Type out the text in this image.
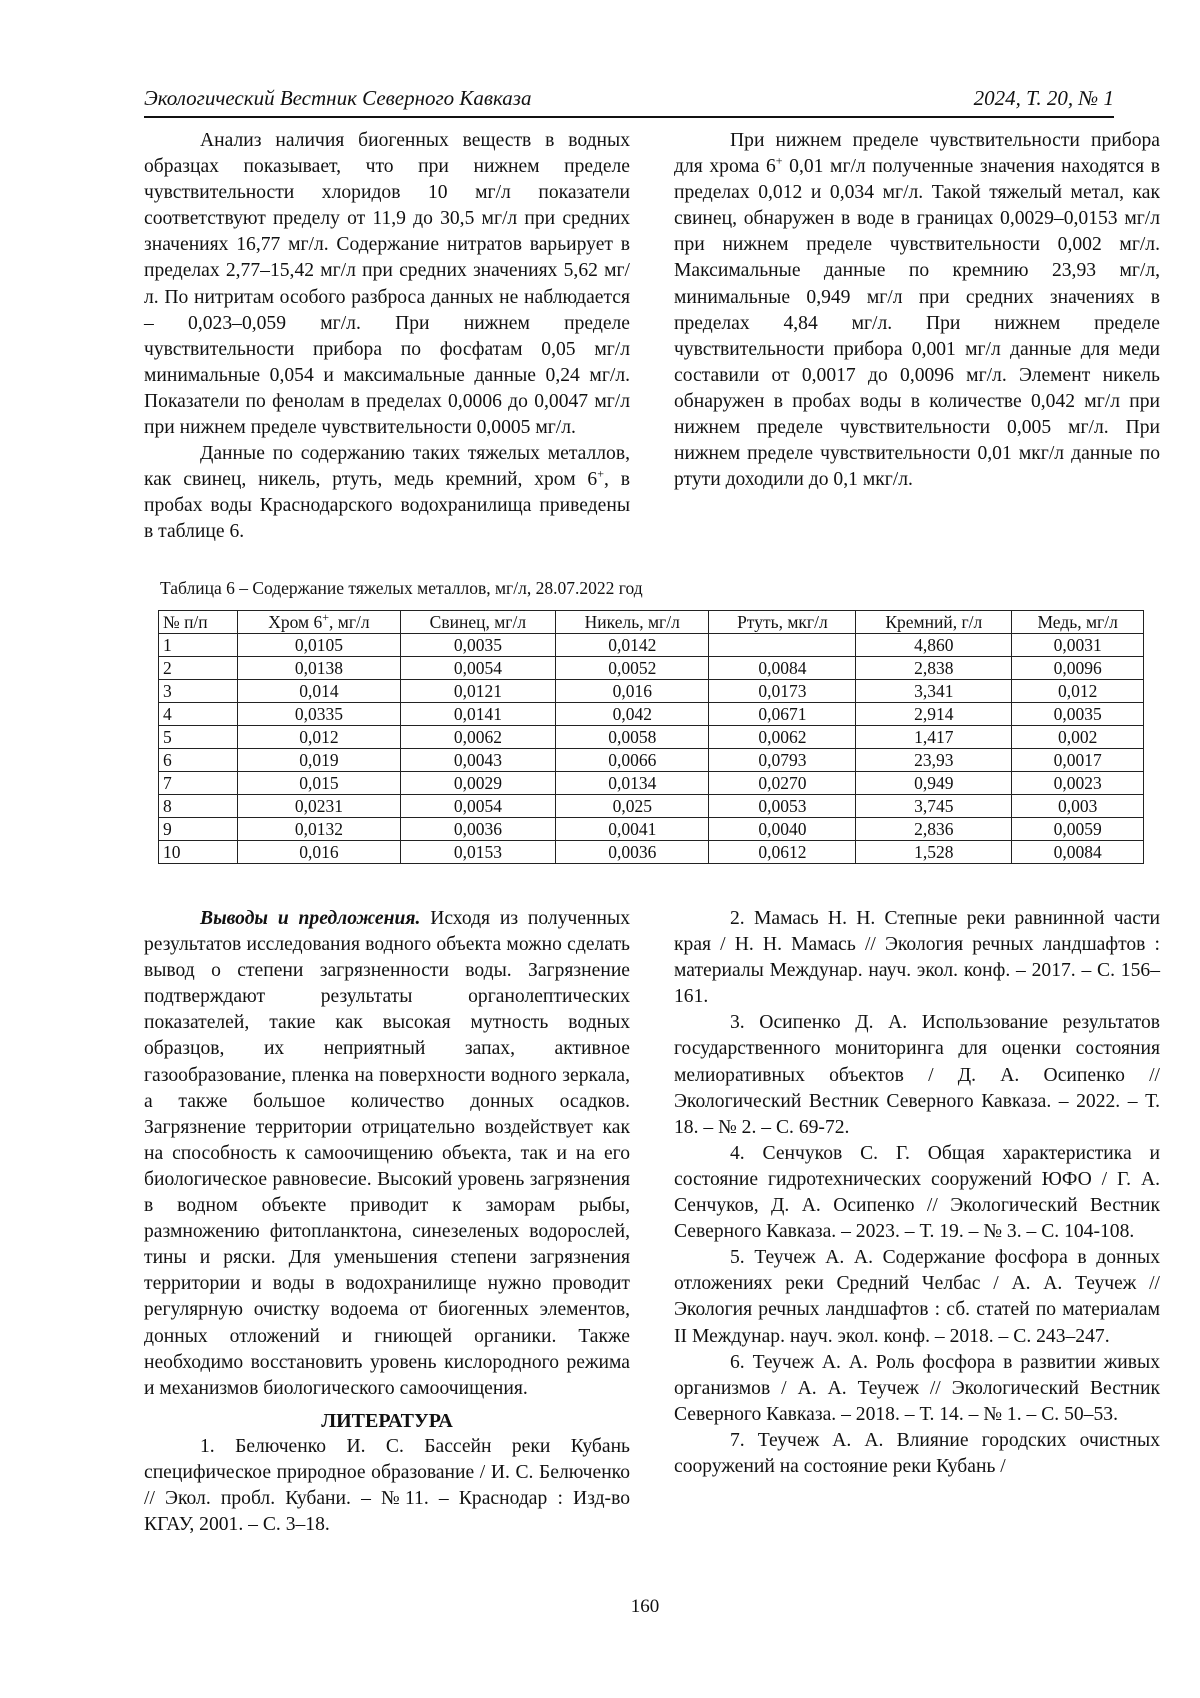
Экологический Вестник Северного Кавказа	2024, Т. 20, № 1

Анализ наличия биогенных веществ в водных образцах показывает, что при нижнем пределе чувствительности хлоридов 10 мг/л показатели соответствуют пределу от 11,9 до 30,5 мг/л при средних значениях 16,77 мг/л. Содержание нитратов варьирует в пределах 2,77–15,42 мг/л при средних значениях 5,62 мг/л. По нитритам особого разброса данных не наблюдается – 0,023–0,059 мг/л. При нижнем пределе чувствительности прибора по фосфатам 0,05 мг/л минимальные 0,054 и максимальные данные 0,24 мг/л. Показатели по фенолам в пределах 0,0006 до 0,0047 мг/л при нижнем пределе чувствительности 0,0005 мг/л.

Данные по содержанию таких тяжелых металлов, как свинец, никель, ртуть, медь кремний, хром 6+, в пробах воды Краснодарского водохранилища приведены в таблице 6.

При нижнем пределе чувствительности прибора для хрома 6+ 0,01 мг/л полученные значения находятся в пределах 0,012 и 0,034 мг/л. Такой тяжелый метал, как свинец, обнаружен в воде в границах 0,0029–0,0153 мг/л при нижнем пределе чувствительности 0,002 мг/л. Максимальные данные по кремнию 23,93 мг/л, минимальные 0,949 мг/л при средних значениях в пределах 4,84 мг/л. При нижнем пределе чувствительности прибора 0,001 мг/л данные для меди составили от 0,0017 до 0,0096 мг/л. Элемент никель обнаружен в пробах воды в количестве 0,042 мг/л при нижнем пределе чувствительности 0,005 мг/л. При нижнем пределе чувствительности 0,01 мкг/л данные по ртути доходили до 0,1 мкг/л.

Таблица 6 – Содержание тяжелых металлов, мг/л, 28.07.2022 год
№ п/п	Хром 6+, мг/л	Свинец, мг/л	Никель, мг/л	Ртуть, мкг/л	Кремний, г/л	Медь, мг/л
1	0,0105	0,0035	0,0142		4,860	0,0031
2	0,0138	0,0054	0,0052	0,0084	2,838	0,0096
3	0,014	0,0121	0,016	0,0173	3,341	0,012
4	0,0335	0,0141	0,042	0,0671	2,914	0,0035
5	0,012	0,0062	0,0058	0,0062	1,417	0,002
6	0,019	0,0043	0,0066	0,0793	23,93	0,0017
7	0,015	0,0029	0,0134	0,0270	0,949	0,0023
8	0,0231	0,0054	0,025	0,0053	3,745	0,003
9	0,0132	0,0036	0,0041	0,0040	2,836	0,0059
10	0,016	0,0153	0,0036	0,0612	1,528	0,0084

Выводы и предложения. Исходя из полученных результатов исследования водного объекта можно сделать вывод о степени загрязненности воды. Загрязнение подтверждают результаты органолептических показателей, такие как высокая мутность водных образцов, их неприятный запах, активное газообразование, пленка на поверхности водного зеркала, а также большое количество донных осадков. Загрязнение территории отрицательно воздействует как на способность к самоочищению объекта, так и на его биологическое равновесие. Высокий уровень загрязнения в водном объекте приводит к заморам рыбы, размножению фитопланктона, синезеленых водорослей, тины и ряски. Для уменьшения степени загрязнения территории и воды в водохранилище нужно проводит регулярную очистку водоема от биогенных элементов, донных отложений и гниющей органики. Также необходимо восстановить уровень кислородного режима и механизмов биологического самоочищения.

ЛИТЕРАТУРА

1. Белюченко И. С. Бассейн реки Кубань специфическое природное образование / И. С. Белюченко // Экол. пробл. Кубани. – №11. – Краснодар : Изд-во КГАУ, 2001. – С. 3–18.

2. Мамась Н. Н. Степные реки равнинной части края / Н. Н. Мамась // Экология речных ландшафтов : материалы Междунар. науч. экол. конф. – 2017. – С. 156–161.

3. Осипенко Д. А. Использование результатов государственного мониторинга для оценки состояния мелиоративных объектов / Д. А. Осипенко // Экологический Вестник Северного Кавказа. – 2022. – Т. 18. – № 2. – С. 69-72.

4. Сенчуков С. Г. Общая характеристика и состояние гидротехнических сооружений ЮФО / Г. А. Сенчуков, Д. А. Осипенко // Экологический Вестник Северного Кавказа. – 2023. – Т. 19. – № 3. – С. 104-108.

5. Теучеж А. А. Содержание фосфора в донных отложениях реки Средний Челбас / А. А. Теучеж // Экология речных ландшафтов : сб. статей по материалам II Междунар. науч. экол. конф. – 2018. – С. 243–247.

6. Теучеж А. А. Роль фосфора в развитии живых организмов / А. А. Теучеж // Экологический Вестник Северного Кавказа. – 2018. – Т. 14. – № 1. – С. 50–53.

7. Теучеж А. А. Влияние городских очистных сооружений на состояние реки Кубань /

160
